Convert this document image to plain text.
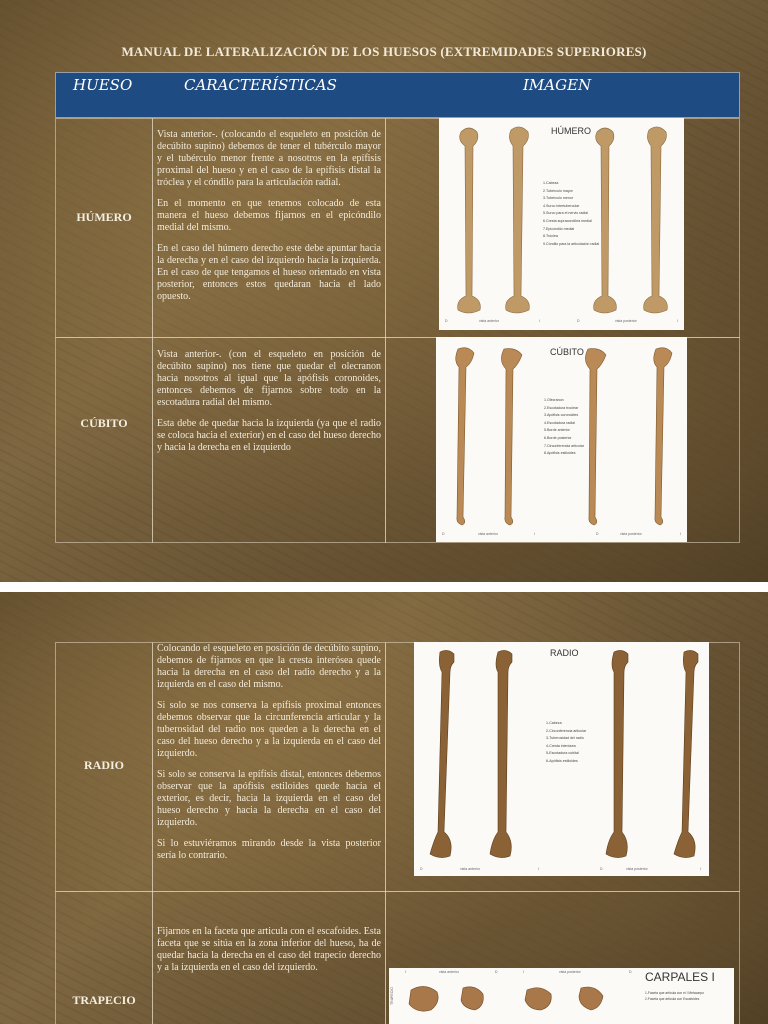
MANUAL DE LATERALIZACIÓN DE LOS HUESOS (EXTREMIDADES SUPERIORES)
HUESO	CARACTERÍSTICAS	IMAGEN
HÚMERO

Vista anterior-. (colocando el esqueleto en posición de decúbito supino) debemos de tener el tubérculo mayor y el tubérculo menor frente a nosotros en la epífisis proximal del hueso y en el caso de la epífisis distal la tróclea y el cóndilo para la articulación radial.

En el momento en que tenemos colocado de esta manera el hueso debemos fijarnos en el epicóndilo medial del mismo.

En el caso del húmero derecho este debe apuntar hacia la derecha y en el caso del izquierdo hacia la izquierda. En el caso de que tengamos el hueso orientado en vista posterior, entonces estos quedaran hacia el lado opuesto.

HÚMERO
1.Cabeza
2.Tubérculo mayor
3.Tubérculo menor
4.Surco intertubercular
5.Surco para el nervio radial
6.Cresta supracondílea medial
7.Epicóndilo medial
8.Tróclea
9.Cóndilo para la articulación radial
D	vista anterior	I	D	vista posterior	I
CÚBITO

Vista anterior-. (con el esqueleto en posición de decúbito supino) nos tiene que quedar el olecranon hacia nosotros al igual que la apófisis coronoides, entonces debemos de fijarnos sobre todo en la escotadura radial del mismo.

Esta debe de quedar hacia la izquierda (ya que el radio se coloca hacia el exterior) en el caso del hueso derecho y hacia la derecha en el izquierdo

CÚBITO
1.Olécranon
2.Escotadura troclear
3.Apófisis coronoides
4.Escotadura radial
5.Borde anterior
6.Borde posterior
7.Circunferencia articular
8.Apófisis estiloides
D	vista anterior	I	D	vista posterior	I
RADIO

Colocando el esqueleto en posición de decúbito supino, debemos de fijarnos en que la cresta interósea quede hacia la derecha en el caso del radio derecho y a la izquierda en el caso del mismo.

Si solo se nos conserva la epífisis proximal entonces debemos observar que la circunferencia articular y la tuberosidad del radio nos queden a la derecha en el caso del hueso derecho y a la izquierda en el caso del izquierdo.

Si solo se conserva la epífisis distal, entonces debemos observar que la apófisis estiloides quede hacia el exterior, es decir, hacia la izquierda en el caso del hueso derecho y hacia la derecha en el caso del izquierdo.

Si lo estuviéramos mirando desde la vista posterior sería lo contrario.

RADIO
1-Cabeza
2-Circunferencia articular
3-Tuberosidad del radio
4-Cresta interósea
5-Escotadura cubital
6-Apófisis estiloides
D	vista anterior	I	D	vista posterior	I
TRAPECIO

Fijarnos en la faceta que articula con el escafoides. Esta faceta que se sitúa en la zona inferior del hueso, ha de quedar hacia la derecha en el caso del trapecio derecho y a la izquierda en el caso del izquierdo.

CARPALES I
I	vista anterior	D	I	vista posterior	D
TRAPECIO	1-Faceta que articula con el I Metacarpo
2-Faceta que articula con Escafoides
